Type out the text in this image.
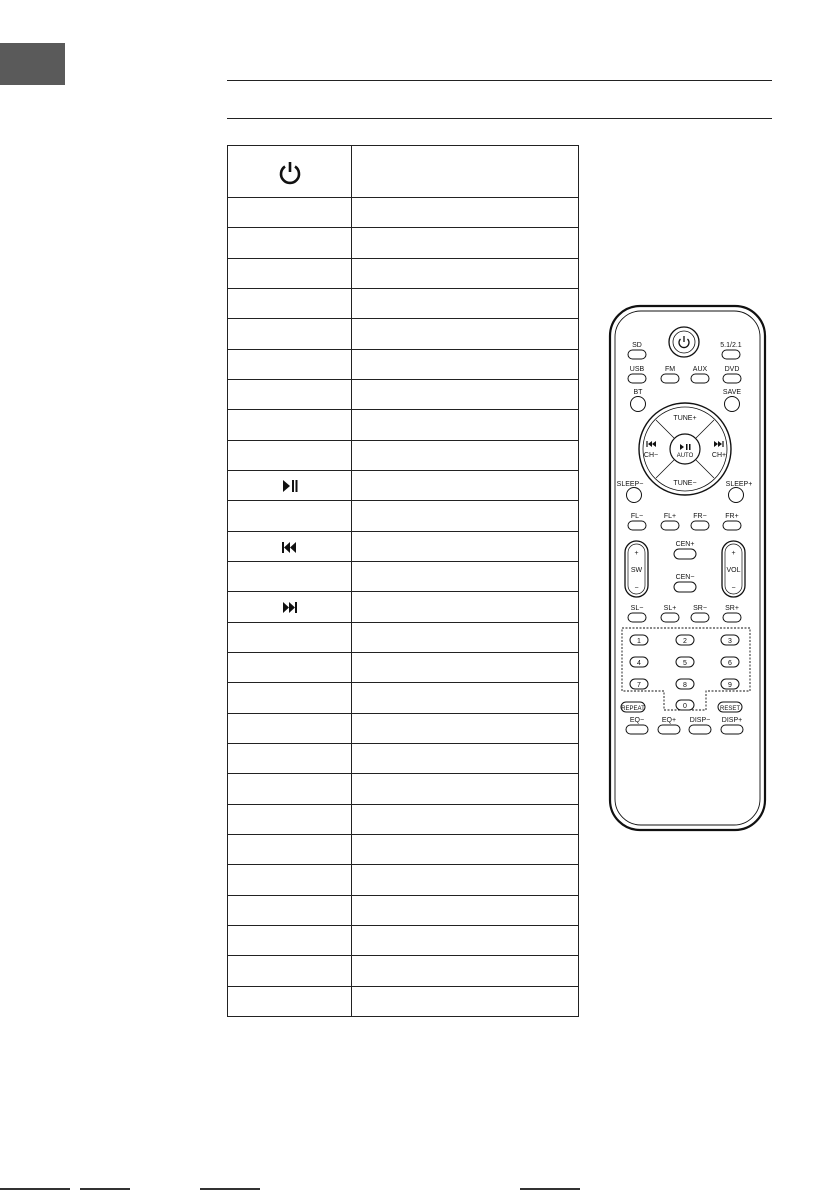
SD	5.1/2.1
USB	FM	AUX DVD
BT	SAVE
TUNE+
TUNE−
CH−	CH+
AUTO
SLEEP−	SLEEP+
FL−	FL+ FR−	FR+
+
SW
−
+
VOL
−
CEN+
CEN−
SL−	SL+ SR−	SR+
1	2	3
4	5	6
7	8	9
0
REPEAT	RESET
EQ−	EQ+ DISP− DISP+
